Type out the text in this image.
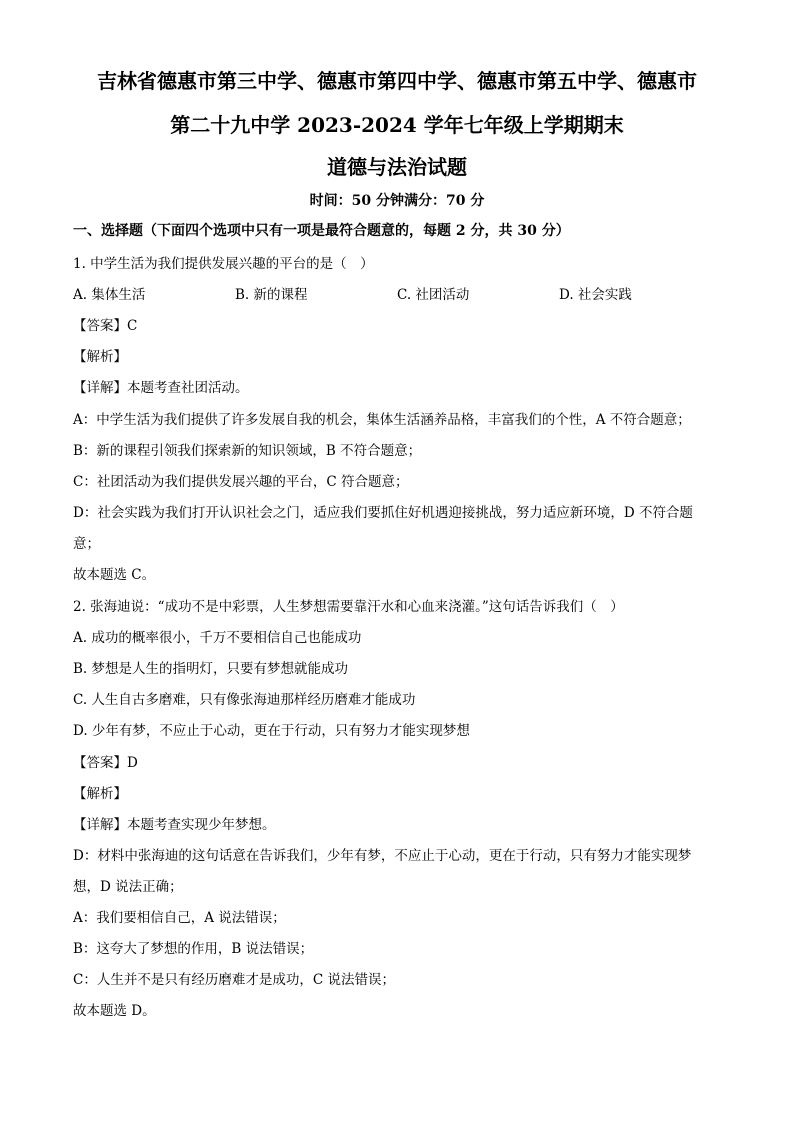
吉林省德惠市第三中学、德惠市第四中学、德惠市第五中学、德惠市
第二十九中学 2023-2024 学年七年级上学期期末
道德与法治试题
时间：50 分钟满分：70 分
一、选择题（下面四个选项中只有一项是最符合题意的，每题 2 分，共 30 分）
1. 中学生活为我们提供发展兴趣的平台的是（　）
A. 集体生活	B. 新的课程	C. 社团活动	D. 社会实践
【答案】C
【解析】
【详解】本题考查社团活动。
A：中学生活为我们提供了许多发展自我的机会，集体生活涵养品格，丰富我们的个性，A 不符合题意；
B：新的课程引领我们探索新的知识领域，B 不符合题意；
C：社团活动为我们提供发展兴趣的平台，C 符合题意；
D：社会实践为我们打开认识社会之门，适应我们要抓住好机遇迎接挑战，努力适应新环境，D 不符合题
意；
故本题选 C。
2. 张海迪说：“成功不是中彩票，人生梦想需要靠汗水和心血来浇灌。”这句话告诉我们（　）
A. 成功的概率很小，千万不要相信自己也能成功
B. 梦想是人生的指明灯，只要有梦想就能成功
C. 人生自古多磨难，只有像张海迪那样经历磨难才能成功
D. 少年有梦，不应止于心动，更在于行动，只有努力才能实现梦想
【答案】D
【解析】
【详解】本题考查实现少年梦想。
D：材料中张海迪的这句话意在告诉我们，少年有梦，不应止于心动，更在于行动，只有努力才能实现梦
想，D 说法正确；
A：我们要相信自己，A 说法错误；
B：这夸大了梦想的作用，B 说法错误；
C：人生并不是只有经历磨难才是成功，C 说法错误；
故本题选 D。
